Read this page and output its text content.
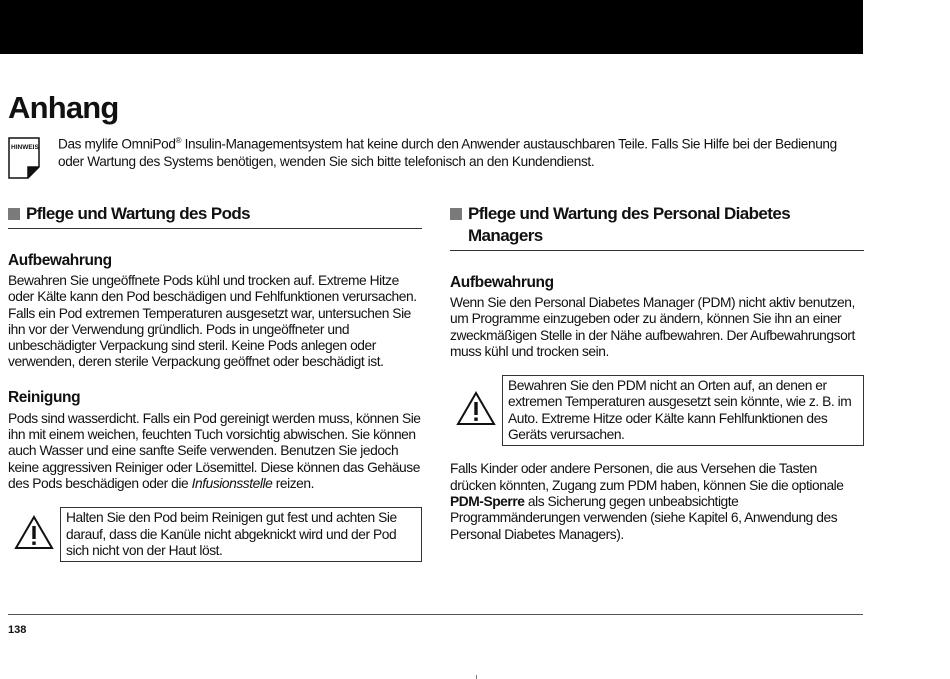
Anhang
HINWEIS Das mylife OmniPod® Insulin-Managementsystem hat keine durch den Anwender austauschbaren Teile. Falls Sie Hilfe bei der Bedienung oder Wartung des Systems benötigen, wenden Sie sich bitte telefonisch an den Kundendienst.
Pflege und Wartung des Pods
Aufbewahrung

Bewahren Sie ungeöffnete Pods kühl und trocken auf. Extreme Hitze oder Kälte kann den Pod beschädigen und Fehlfunktionen verursachen. Falls ein Pod extremen Temperaturen ausgesetzt war, untersuchen Sie ihn vor der Verwendung gründlich. Pods in ungeöffneter und unbeschädigter Verpackung sind steril. Keine Pods anlegen oder verwenden, deren sterile Verpackung geöffnet oder beschädigt ist.

Reinigung

Pods sind wasserdicht. Falls ein Pod gereinigt werden muss, können Sie ihn mit einem weichen, feuchten Tuch vorsichtig abwischen. Sie können auch Wasser und eine sanfte Seife verwenden. Benutzen Sie jedoch keine aggressiven Reiniger oder Lösemittel. Diese können das Gehäuse des Pods beschädigen oder die Infusionsstelle reizen.

Halten Sie den Pod beim Reinigen gut fest und achten Sie darauf, dass die Kanüle nicht abgeknickt wird und der Pod sich nicht von der Haut löst.
Pflege und Wartung des Personal Diabetes
Managers
Aufbewahrung

Wenn Sie den Personal Diabetes Manager (PDM) nicht aktiv benutzen, um Programme einzugeben oder zu ändern, können Sie ihn an einer zweckmäßigen Stelle in der Nähe aufbewahren. Der Aufbewahrungsort muss kühl und trocken sein.

Bewahren Sie den PDM nicht an Orten auf, an denen er extremen Temperaturen ausgesetzt sein könnte, wie z. B. im Auto. Extreme Hitze oder Kälte kann Fehlfunktionen des Geräts verursachen.

Falls Kinder oder andere Personen, die aus Versehen die Tasten drücken könnten, Zugang zum PDM haben, können Sie die optionale PDM-Sperre als Sicherung gegen unbeabsichtigte Programmänderungen verwenden (siehe Kapitel 6, Anwendung des Personal Diabetes Managers).

138
